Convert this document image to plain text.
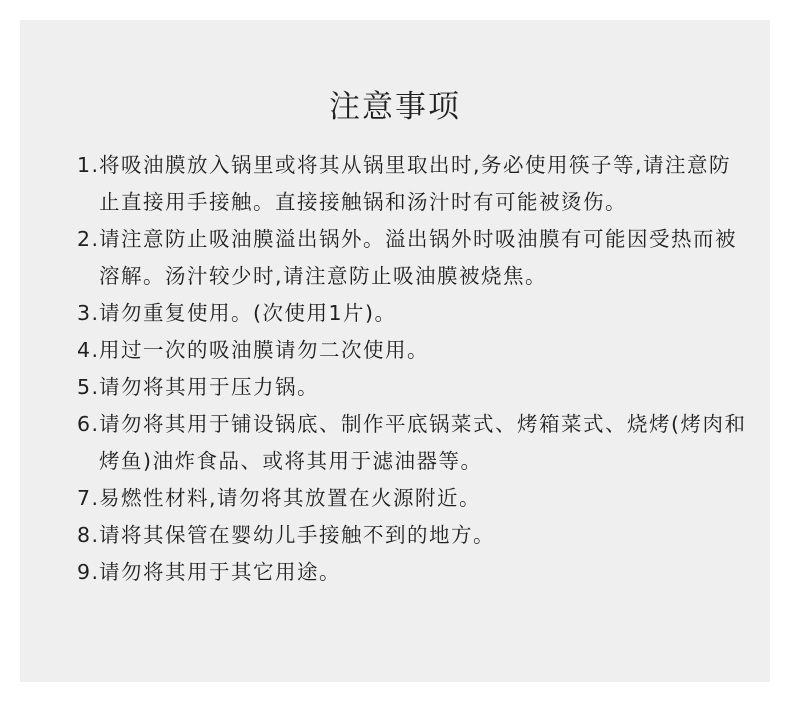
注意事项
1. 将吸油膜放入锅里或将其从锅里取出时,务必使用筷子等,请注意防止直接用手接触。直接接触锅和汤汁时有可能被烫伤。
2. 请注意防止吸油膜溢出锅外。溢出锅外时吸油膜有可能因受热而被溶解。汤汁较少时,请注意防止吸油膜被烧焦。
3. 请勿重复使用。(次使用1片)。
4. 用过一次的吸油膜请勿二次使用。
5. 请勿将其用于压力锅。
6. 请勿将其用于铺设锅底、制作平底锅菜式、烤箱菜式、烧烤(烤肉和烤鱼)油炸食品、或将其用于滤油器等。
7. 易燃性材料,请勿将其放置在火源附近。
8. 请将其保管在婴幼儿手接触不到的地方。
9. 请勿将其用于其它用途。
